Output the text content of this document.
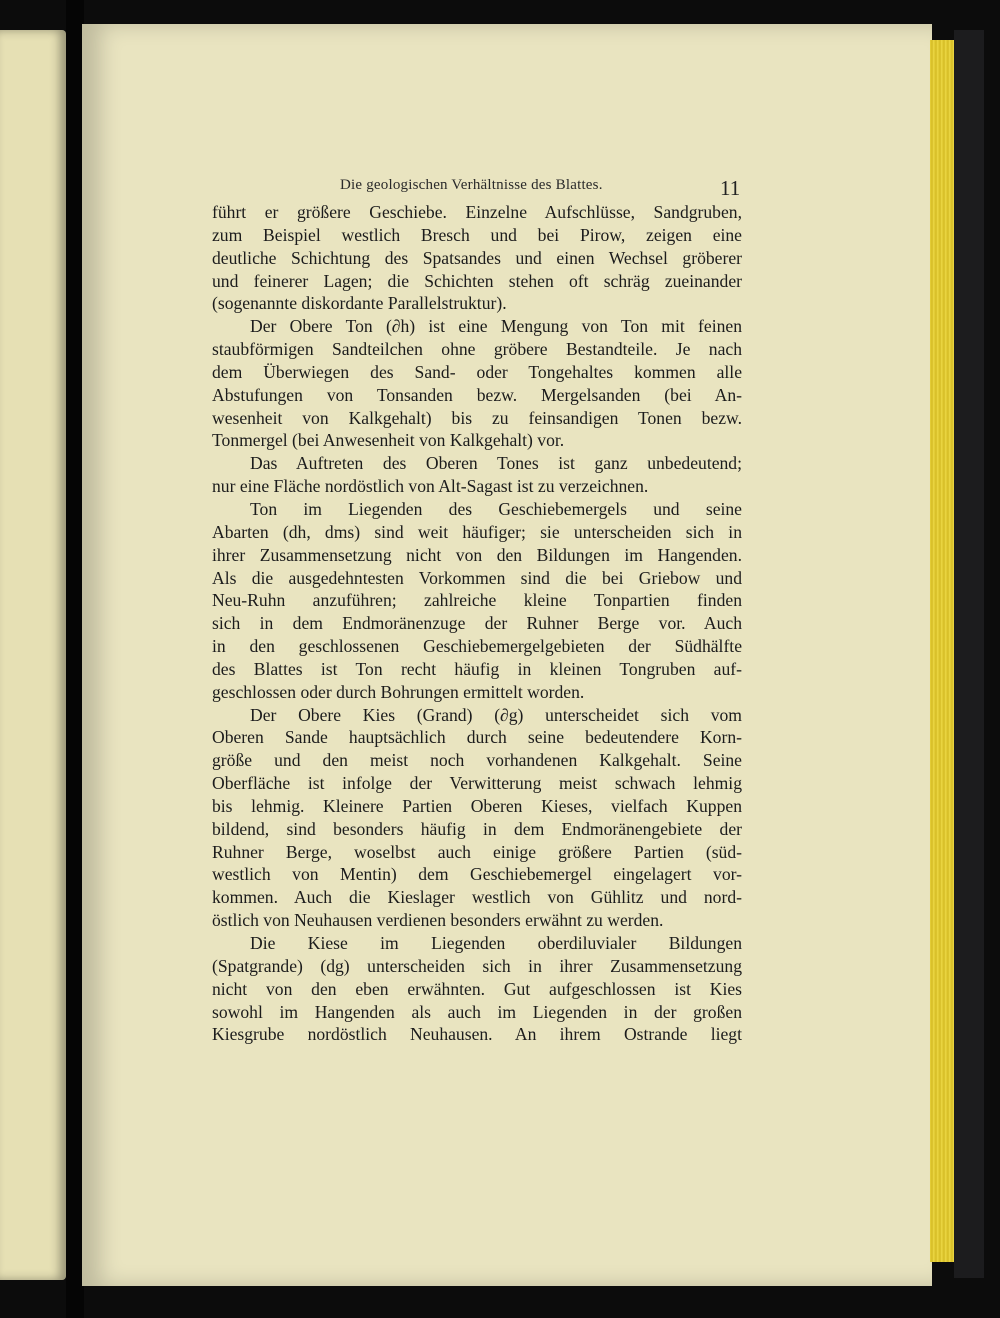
Die geologischen Verhältnisse des Blattes.	11
führt er größere Geschiebe. Einzelne Aufschlüsse, Sandgruben,
zum Beispiel westlich Bresch und bei Pirow, zeigen eine
deutliche Schichtung des Spatsandes und einen Wechsel gröberer
und feinerer Lagen; die Schichten stehen oft schräg zueinander
(sogenannte diskordante Parallelstruktur).
Der Obere Ton (∂h) ist eine Mengung von Ton mit feinen
staubförmigen Sandteilchen ohne gröbere Bestandteile. Je nach
dem Überwiegen des Sand- oder Tongehaltes kommen alle
Abstufungen von Tonsanden bezw. Mergelsanden (bei An-
wesenheit von Kalkgehalt) bis zu feinsandigen Tonen bezw.
Tonmergel (bei Anwesenheit von Kalkgehalt) vor.
Das Auftreten des Oberen Tones ist ganz unbedeutend;
nur eine Fläche nordöstlich von Alt-Sagast ist zu verzeichnen.
Ton im Liegenden des Geschiebemergels und seine
Abarten (dh, dms) sind weit häufiger; sie unterscheiden sich in
ihrer Zusammensetzung nicht von den Bildungen im Hangenden.
Als die ausgedehntesten Vorkommen sind die bei Griebow und
Neu-Ruhn anzuführen; zahlreiche kleine Tonpartien finden
sich in dem Endmoränenzuge der Ruhner Berge vor. Auch
in den geschlossenen Geschiebemergelgebieten der Südhälfte
des Blattes ist Ton recht häufig in kleinen Tongruben auf-
geschlossen oder durch Bohrungen ermittelt worden.
Der Obere Kies (Grand) (∂g) unterscheidet sich vom
Oberen Sande hauptsächlich durch seine bedeutendere Korn-
größe und den meist noch vorhandenen Kalkgehalt. Seine
Oberfläche ist infolge der Verwitterung meist schwach lehmig
bis lehmig. Kleinere Partien Oberen Kieses, vielfach Kuppen
bildend, sind besonders häufig in dem Endmoränengebiete der
Ruhner Berge, woselbst auch einige größere Partien (süd-
westlich von Mentin) dem Geschiebemergel eingelagert vor-
kommen. Auch die Kieslager westlich von Gühlitz und nord-
östlich von Neuhausen verdienen besonders erwähnt zu werden.
Die Kiese im Liegenden oberdiluvialer Bildungen
(Spatgrande) (dg) unterscheiden sich in ihrer Zusammensetzung
nicht von den eben erwähnten. Gut aufgeschlossen ist Kies
sowohl im Hangenden als auch im Liegenden in der großen
Kiesgrube nordöstlich Neuhausen. An ihrem Ostrande liegt
